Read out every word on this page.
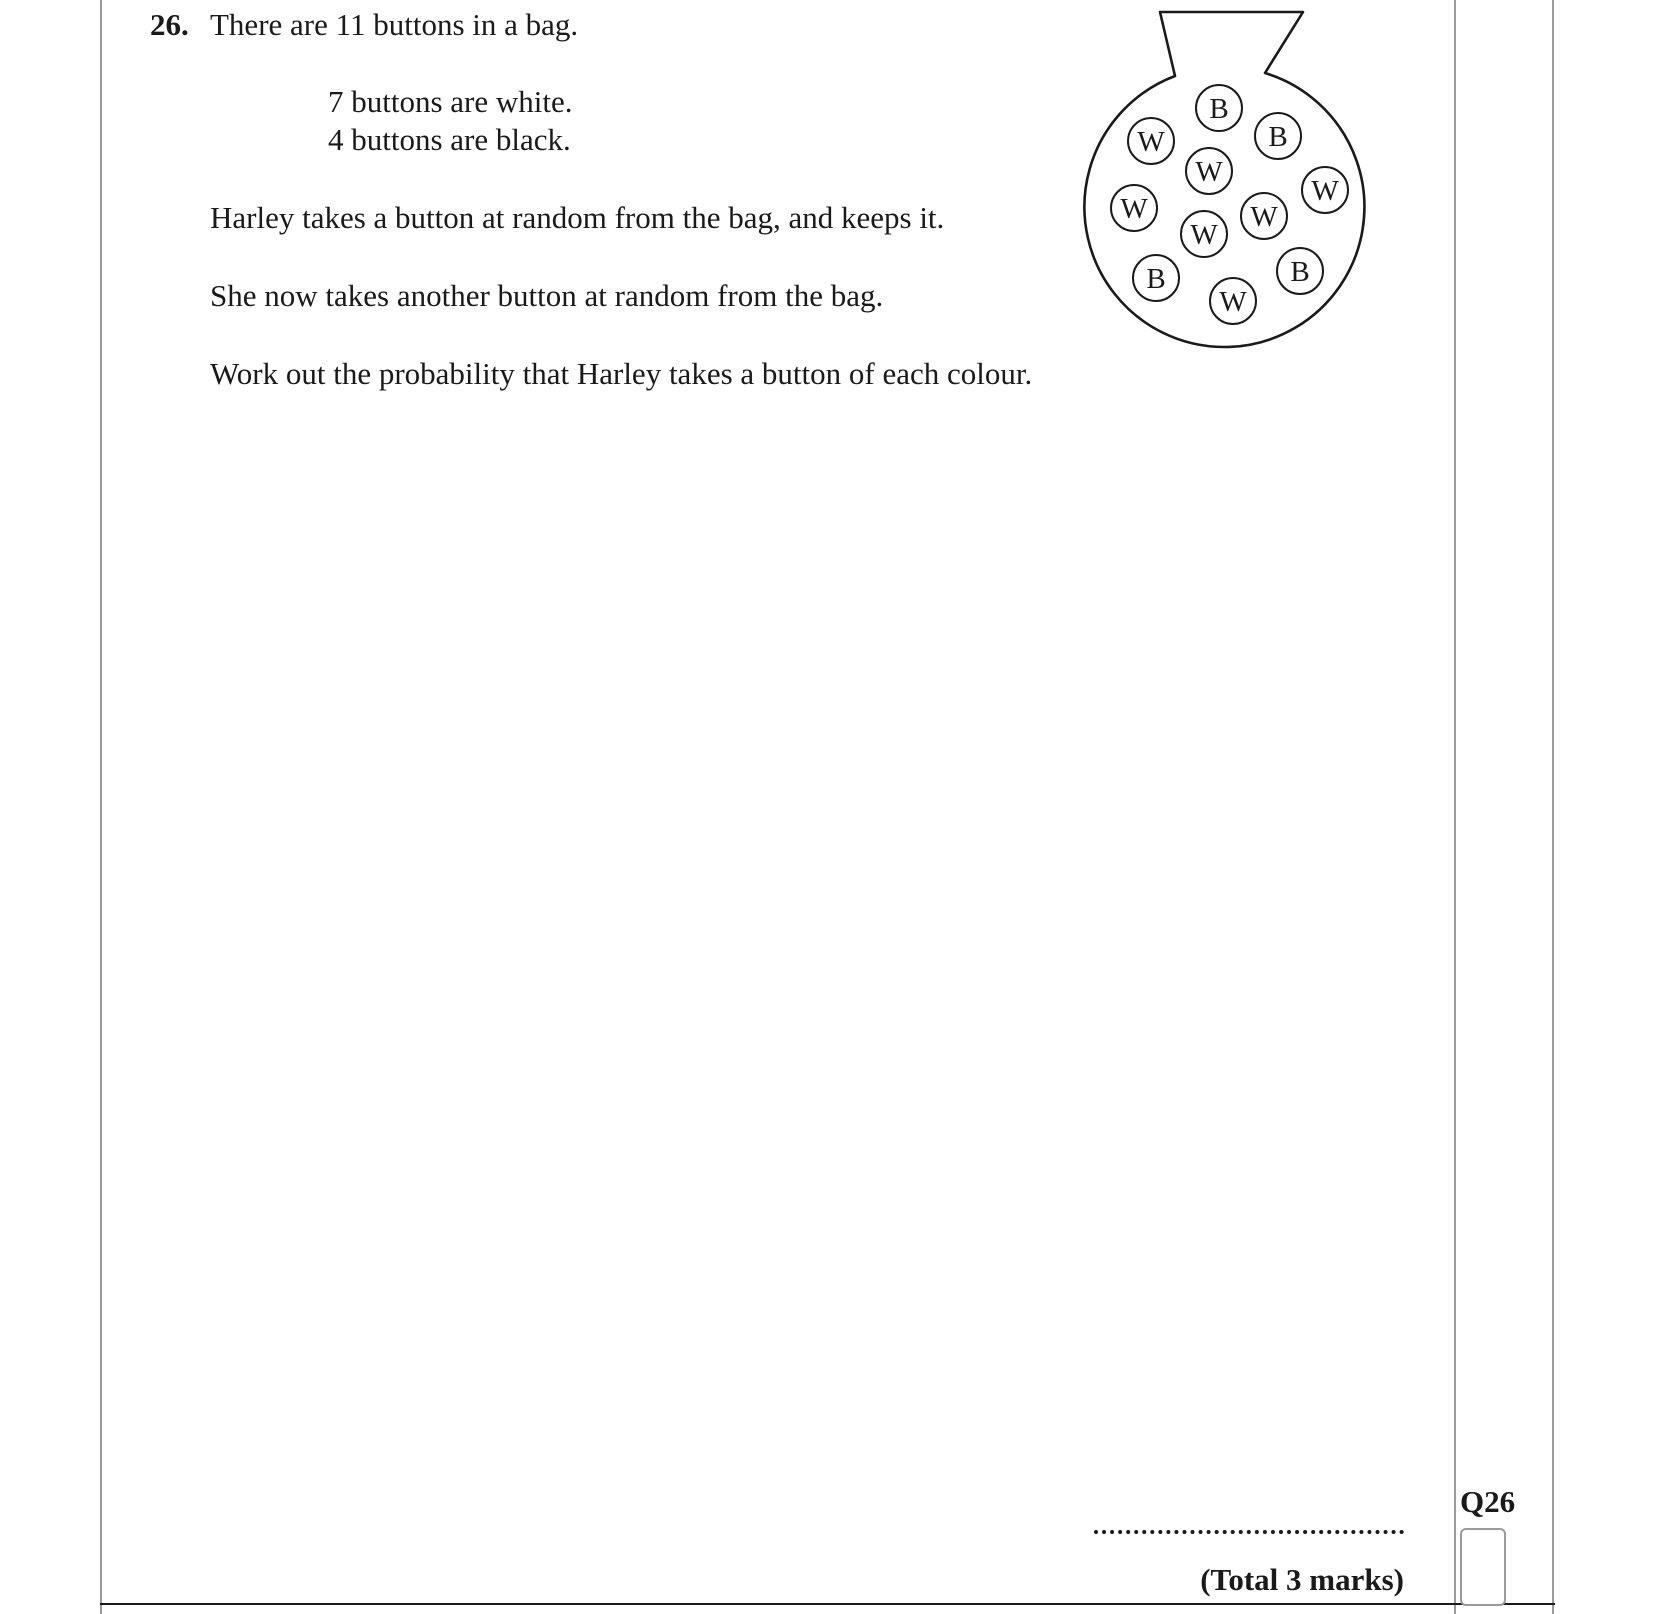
26. There are 11 buttons in a bag.
7 buttons are white.
4 buttons are black.
Harley takes a button at random from the bag, and keeps it.
She now takes another button at random from the bag.
Work out the probability that Harley takes a button of each colour.
B
B
W
W
W
W	W
W
B	B
W
(Total 3 marks)
Q26
